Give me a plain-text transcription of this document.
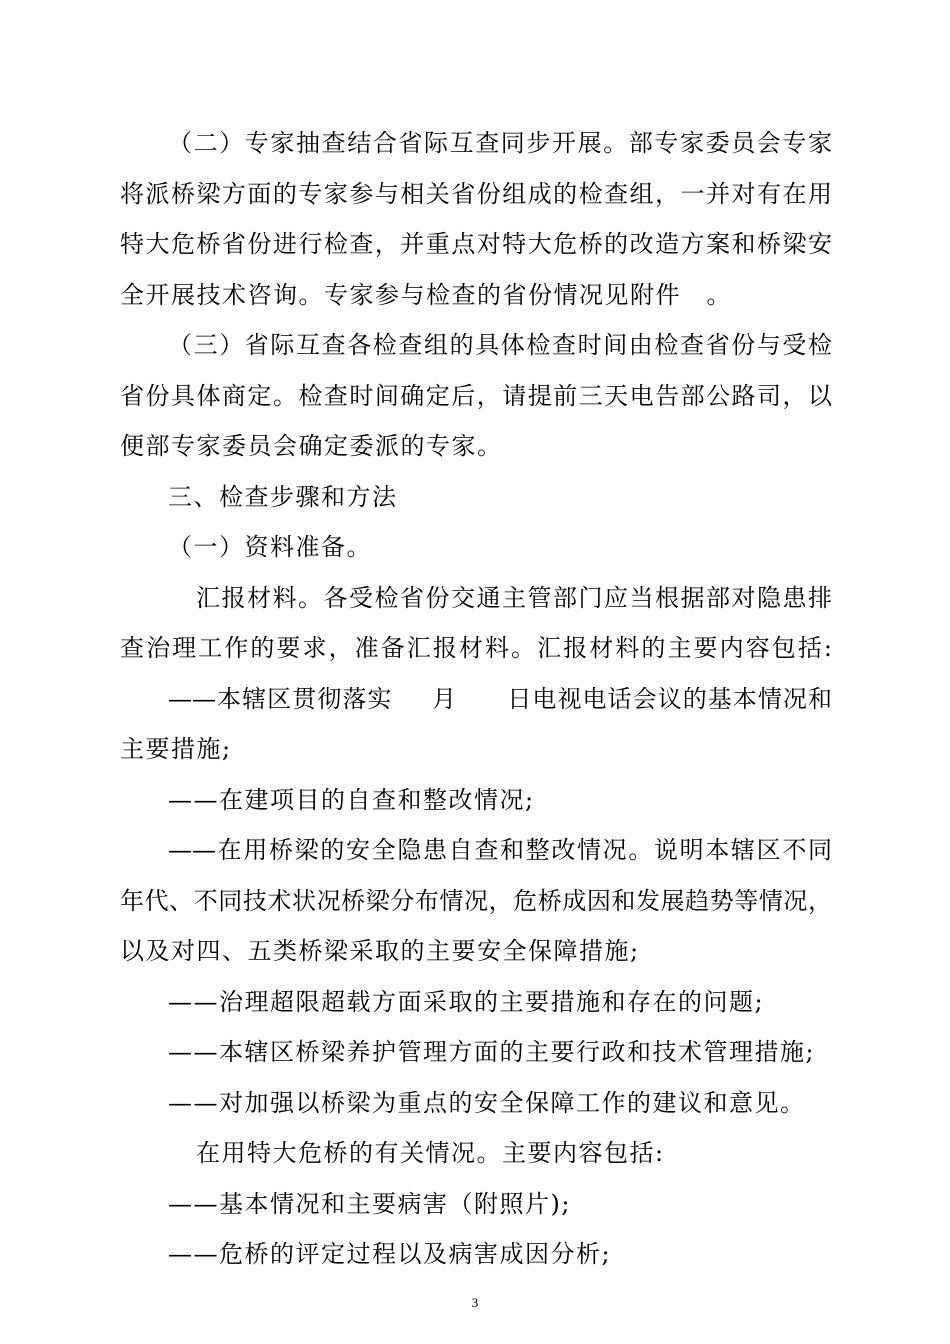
（二）专家抽查结合省际互查同步开展。部专家委员会专家
将派桥梁方面的专家参与相关省份组成的检查组，一并对有在用
特大危桥省份进行检查，并重点对特大危桥的改造方案和桥梁安
全开展技术咨询。专家参与检查的省份情况见附件　。
（三）省际互查各检查组的具体检查时间由检查省份与受检
省份具体商定。检查时间确定后，请提前三天电告部公路司，以
便部专家委员会确定委派的专家。
三、检查步骤和方法
（一）资料准备。
汇报材料。各受检省份交通主管部门应当根据部对隐患排
查治理工作的要求，准备汇报材料。汇报材料的主要内容包括:
——本辖区贯彻落实　 月　　日电视电话会议的基本情况和
主要措施;
——在建项目的自查和整改情况;
——在用桥梁的安全隐患自查和整改情况。说明本辖区不同
年代、不同技术状况桥梁分布情况，危桥成因和发展趋势等情况，
以及对四、五类桥梁采取的主要安全保障措施;
——治理超限超载方面采取的主要措施和存在的问题;
——本辖区桥梁养护管理方面的主要行政和技术管理措施;
——对加强以桥梁为重点的安全保障工作的建议和意见。
在用特大危桥的有关情况。主要内容包括:
——基本情况和主要病害（附照片);
——危桥的评定过程以及病害成因分析;
3
